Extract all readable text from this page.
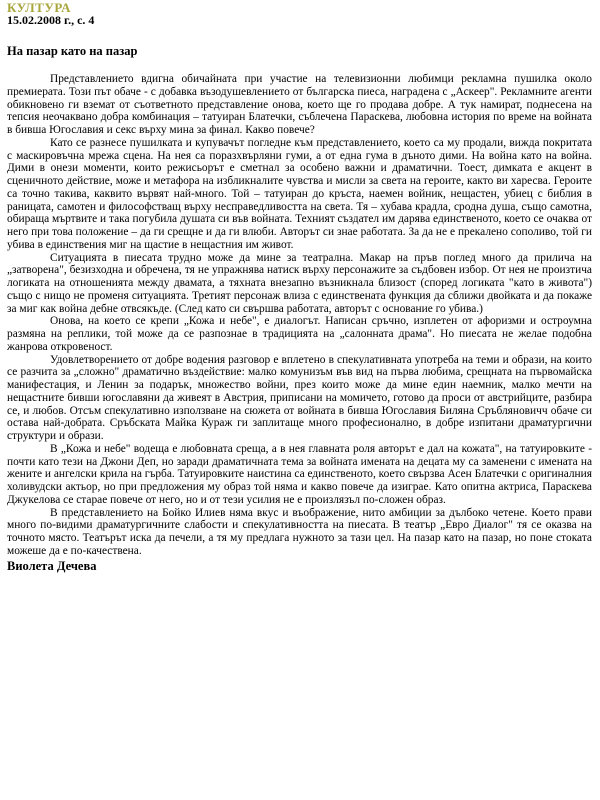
КУЛТУРА
15.02.2008 г., с. 4
На пазар като на пазар

Представлението вдигна обичайната при участие на телевизионни любимци рекламна пушилка около премиерата. Този път обаче - с добавка възодушевлението от българска пиеса, наградена с „Аскеер". Рекламните агенти обикновено ги вземат от съответното представление онова, което ще го продава добре. А тук намират, поднесена на тепсия неочаквано добра комбинация – татуиран Блатечки, съблечена Параскева, любовна история по време на войната в бивша Югославия и секс върху мина за финал. Какво повече?

Като се разнесе пушилката и купувачът погледне към представлението, което са му продали, вижда покритата с маскировъчна мрежа сцена. На нея са поразхвърляни гуми, а от една гума в дъното дими. На война като на война. Дими в онези моменти, които режисьорът е сметнал за особено важни и драматични. Тоест, димката е акцент в сценичното действие, може и метафора на избликналите чувства и мисли за света на героите, както ви харесва. Героите са точно такива, каквито вървят най-много. Той – татуиран до кръста, наемен войник, нещастен, убиец с библия в раницата, самотен и философстващ върху несправедливостта на света. Тя – хубава крадла, сродна душа, също самотна, обираща мъртвите и така погубила душата си във войната. Техният създател им дарява единственото, което се очаква от него при това положение – да ги срещне и да ги влюби. Авторът си знае работата. За да не е прекалено сополиво, той ги убива в единствения миг на щастие в нещастния им живот.

Ситуацията в пиесата трудно може да мине за театрална. Макар на пръв поглед много да прилича на „затворена", безизходна и обречена, тя не упражнява натиск върху персонажите за съдбовен избор. От нея не произтича логиката на отношенията между двамата, а тяхната внезапно възникнала близост (според логиката "като в живота") също с нищо не променя ситуацията. Третият персонаж влиза с единствената функция да сближи двойката и да покаже за миг как война дебне отвсякъде. (След като си свършва работата, авторът с основание го убива.)

Онова, на което се крепи „Кожа и небе", е диалогът. Написан сръчно, изплетен от афоризми и остроумна размяна на реплики, той може да се разпознае в традицията на „салонната драма". Но пиесата не желае подобна жанрова откровеност.

Удовлетворението от добре водения разговор е вплетено в спекулативната употреба на теми и образи, на които се разчита за „сложно" драматично въздействие: малко комунизъм във вид на първа любима, срещната на първомайска манифестация, и Ленин за подарък, множество войни, през които може да мине един наемник, малко мечти на нещастните бивши югославяни да живеят в Австрия, приписани на момичето, готово да проси от австрийците, разбира се, и любов. Отсъм спекулативно използване на сюжета от войната в бивша Югославия Биляна Сръбляновичч обаче си остава най-добрата. Сръбската Майка Кураж ги заплитаще много професионално, в добре изпитани драматургични структури и образи.

В „Кожа и небе" водеща е любовната среща, а в нея главната роля авторът е дал на кожата", на татуировките - почти като тези на Джони Деп, но заради драматичната тема за войната имената на децата му са заменени с имената на жените и ангелски крила на гърба. Татуировките наистина са единственото, което свързва Асен Блатечки с оригиналния холивудски актьор, но при предложения му образ той няма и какво повече да изиграе. Като опитна актриса, Параскева Джукелова се старае повече от него, но и от тези усилия не е произлязъл по-сложен образ.

В представлението на Бойко Илиев няма вкус и въображение, нито амбиции за дълбоко четене. Което прави много по-видими драматургичните слабости и спекулативността на пиесата. В театър „Евро Диалог" тя се оказва на точното място. Театърът иска да печели, а тя му предлага нужното за тази цел. На пазар като на пазар, но поне стоката можеше да е по-качествена.

Виолета Дечева
